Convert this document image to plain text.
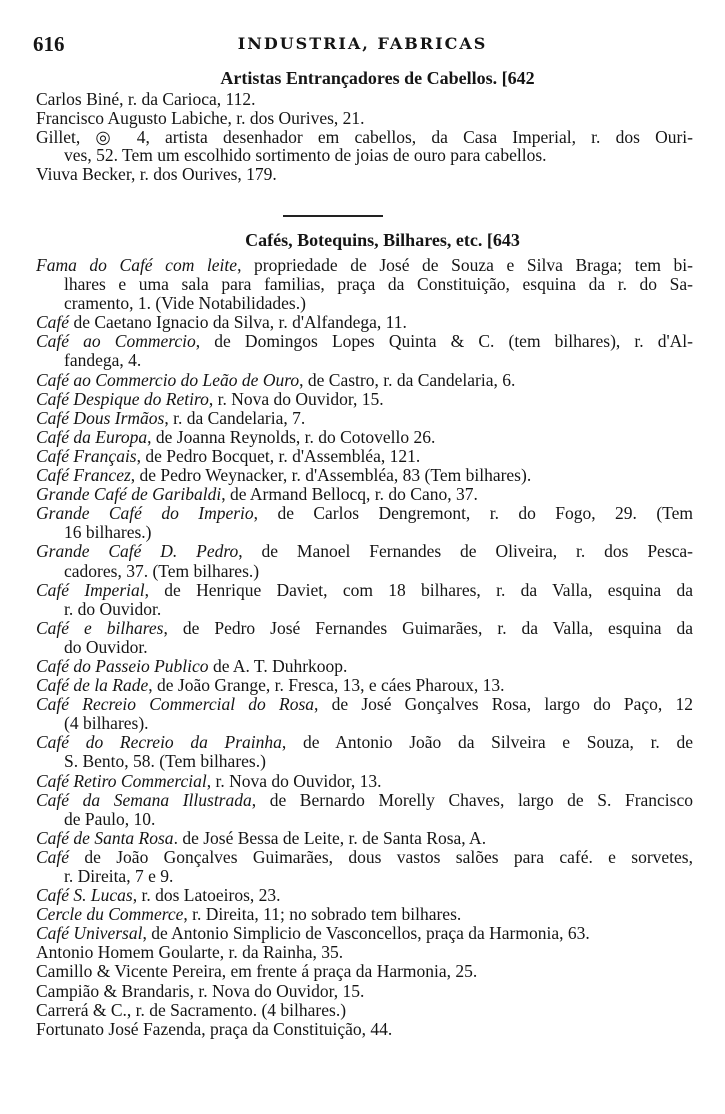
616	INDUSTRIA, FABRICAS
Artistas Entrançadores de Cabellos. [642
Carlos Biné, r. da Carioca, 112.
Francisco Augusto Labiche, r. dos Ourives, 21.
Gillet, ◎ 4, artista desenhador em cabellos, da Casa Imperial, r. dos Ouri-
ves, 52. Tem um escolhido sortimento de joias de ouro para cabellos.
Viuva Becker, r. dos Ourives, 179.
Cafés, Botequins, Bilhares, etc. [643
Fama do Café com leite, propriedade de José de Souza e Silva Braga; tem bi-
lhares e uma sala para familias, praça da Constituição, esquina da r. do Sa-
cramento, 1. (Vide Notabilidades.)
Café de Caetano Ignacio da Silva, r. d'Alfandega, 11.
Café ao Commercio, de Domingos Lopes Quinta & C. (tem bilhares), r. d'Al-
fandega, 4.
Café ao Commercio do Leão de Ouro, de Castro, r. da Candelaria, 6.
Café Despique do Retiro, r. Nova do Ouvidor, 15.
Café Dous Irmãos, r. da Candelaria, 7.
Café da Europa, de Joanna Reynolds, r. do Cotovello 26.
Café Français, de Pedro Bocquet, r. d'Assembléa, 121.
Café Francez, de Pedro Weynacker, r. d'Assembléa, 83 (Tem bilhares).
Grande Café de Garibaldi, de Armand Bellocq, r. do Cano, 37.
Grande Café do Imperio, de Carlos Dengremont, r. do Fogo, 29. (Tem
16 bilhares.)
Grande Café D. Pedro, de Manoel Fernandes de Oliveira, r. dos Pesca-
cadores, 37. (Tem bilhares.)
Café Imperial, de Henrique Daviet, com 18 bilhares, r. da Valla, esquina da
r. do Ouvidor.
Café e bilhares, de Pedro José Fernandes Guimarães, r. da Valla, esquina da
do Ouvidor.
Café do Passeio Publico de A. T. Duhrkoop.
Café de la Rade, de João Grange, r. Fresca, 13, e cáes Pharoux, 13.
Café Recreio Commercial do Rosa, de José Gonçalves Rosa, largo do Paço, 12
(4 bilhares).
Café do Recreio da Prainha, de Antonio João da Silveira e Souza, r. de
S. Bento, 58. (Tem bilhares.)
Café Retiro Commercial, r. Nova do Ouvidor, 13.
Café da Semana Illustrada, de Bernardo Morelly Chaves, largo de S. Francisco
de Paulo, 10.
Café de Santa Rosa. de José Bessa de Leite, r. de Santa Rosa, A.
Café de João Gonçalves Guimarães, dous vastos salões para café. e sorvetes,
r. Direita, 7 e 9.
Café S. Lucas, r. dos Latoeiros, 23.
Cercle du Commerce, r. Direita, 11; no sobrado tem bilhares.
Café Universal, de Antonio Simplicio de Vasconcellos, praça da Harmonia, 63.
Antonio Homem Goularte, r. da Rainha, 35.
Camillo & Vicente Pereira, em frente á praça da Harmonia, 25.
Campião & Brandaris, r. Nova do Ouvidor, 15.
Carrerá & C., r. de Sacramento. (4 bilhares.)
Fortunato José Fazenda, praça da Constituição, 44.
